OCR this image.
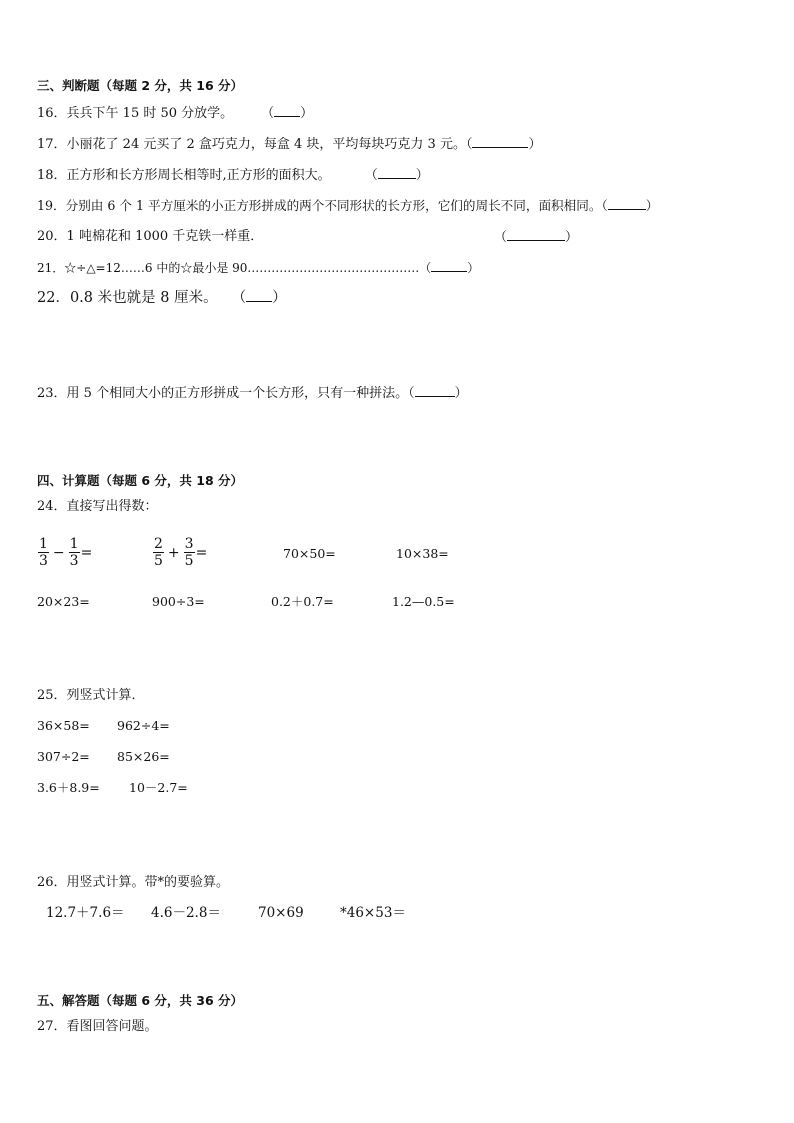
三、判断题（每题 2 分，共 16 分）
16．兵兵下午 15 时 50 分放学。 （ ）
17．小丽花了 24 元买了 2 盒巧克力，每盒 4 块，平均每块巧克力 3 元。（	）
18．正方形和长方形周长相等时,正方形的面积大。	（	）
19．分别由 6 个 1 平方厘米的小正方形拼成的两个不同形状的长方形，它们的周长不同，面积相同。（	）
20．1 吨棉花和 1000 千克铁一样重．	（	）
21．☆÷△=12……6 中的☆最小是 90.……………………………………（	）
22．0.8 米也就是 8 厘米。 （ ）
23．用 5 个相同大小的正方形拼成一个长方形，只有一种拼法。（	）
四、计算题（每题 6 分，共 18 分）
24．直接写出得数：
$\frac{1}{3} - \frac{1}{3}$ =	$\frac{2}{5} + \frac{3}{5}$ =	70×50=	10×38=
20×23=	900÷3=	0.2＋0.7=	1.2—0.5=
25．列竖式计算．
36×58= 962÷4=
307÷2= 85×26=
3.6＋8.9= 10－2.7=
26．用竖式计算。带*的要验算。
12.7＋7.6＝ 4.6－2.8＝	70×69	*46×53＝
五、解答题（每题 6 分，共 36 分）
27．看图回答问题。
